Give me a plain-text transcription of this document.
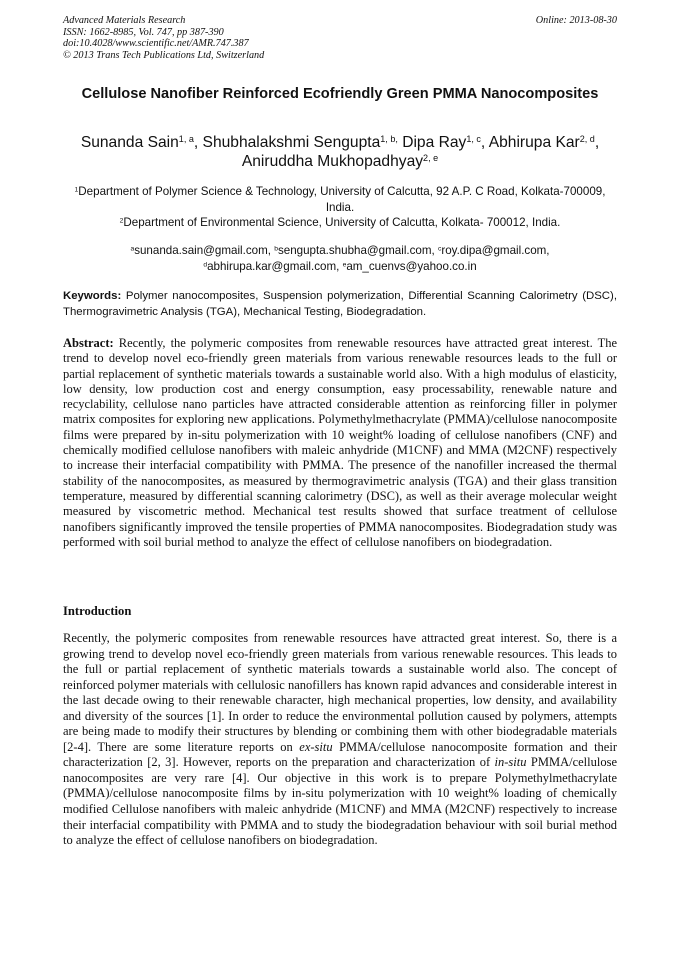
Advanced Materials Research
ISSN: 1662-8985, Vol. 747, pp 387-390
doi:10.4028/www.scientific.net/AMR.747.387
© 2013 Trans Tech Publications Ltd, Switzerland
Online: 2013-08-30
Cellulose Nanofiber Reinforced Ecofriendly Green PMMA Nanocomposites
Sunanda Sain$^{1, a}$, Shubhalakshmi Sengupta$^{1, b,}$ Dipa Ray$^{1, c}$, Abhirupa Kar$^{2, d}$,
Aniruddha Mukhopadhyay$^{2, e}$
$^1$Department of Polymer Science & Technology, University of Calcutta, 92 A.P. C Road, Kolkata-700009, India.
$^2$Department of Environmental Science, University of Calcutta, Kolkata- 700012, India.
$^a$sunanda.sain@gmail.com, $^b$sengupta.shubha@gmail.com, $^c$roy.dipa@gmail.com,
$^d$abhirupa.kar@gmail.com, $^e$am_cuenvs@yahoo.co.in

Keywords: Polymer nanocomposites, Suspension polymerization, Differential Scanning Calorimetry (DSC), Thermogravimetric Analysis (TGA), Mechanical Testing, Biodegradation.

Abstract: Recently, the polymeric composites from renewable resources have attracted great interest. The trend to develop novel eco-friendly green materials from various renewable resources leads to the full or partial replacement of synthetic materials towards a sustainable world also. With a high modulus of elasticity, low density, low production cost and energy consumption, easy processability, renewable nature and recyclability, cellulose nano particles have attracted considerable attention as reinforcing filler in polymer matrix composites for exploring new applications. Polymethylmethacrylate (PMMA)/cellulose nanocomposite films were prepared by in-situ polymerization with 10 weight% loading of cellulose nanofibers (CNF) and chemically modified cellulose nanofibers with maleic anhydride (M1CNF) and MMA (M2CNF) respectively to increase their interfacial compatibility with PMMA. The presence of the nanofiller increased the thermal stability of the nanocomposites, as measured by thermogravimetric analysis (TGA) and their glass transition temperature, measured by differential scanning calorimetry (DSC), as well as their average molecular weight measured by viscometric method. Mechanical test results showed that surface treatment of cellulose nanofibers significantly improved the tensile properties of PMMA nanocomposites. Biodegradation study was performed with soil burial method to analyze the effect of cellulose nanofibers on biodegradation.

Introduction

Recently, the polymeric composites from renewable resources have attracted great interest. So, there is a growing trend to develop novel eco-friendly green materials from various renewable resources. This leads to the full or partial replacement of synthetic materials towards a sustainable world also. The concept of reinforced polymer materials with cellulosic nanofillers has known rapid advances and considerable interest in the last decade owing to their renewable character, high mechanical properties, low density, and availability and diversity of the sources [1]. In order to reduce the environmental pollution caused by polymers, attempts are being made to modify their structures by blending or combining them with other biodegradable materials [2-4]. There are some literature reports on ex-situ PMMA/cellulose nanocomposite formation and their characterization [2, 3]. However, reports on the preparation and characterization of in-situ PMMA/cellulose nanocomposites are very rare [4]. Our objective in this work is to prepare Polymethylmethacrylate (PMMA)/cellulose nanocomposite films by in-situ polymerization with 10 weight% loading of chemically modified Cellulose nanofibers with maleic anhydride (M1CNF) and MMA (M2CNF) respectively to increase their interfacial compatibility with PMMA and to study the biodegradation behaviour with soil burial method to analyze the effect of cellulose nanofibers on biodegradation.
